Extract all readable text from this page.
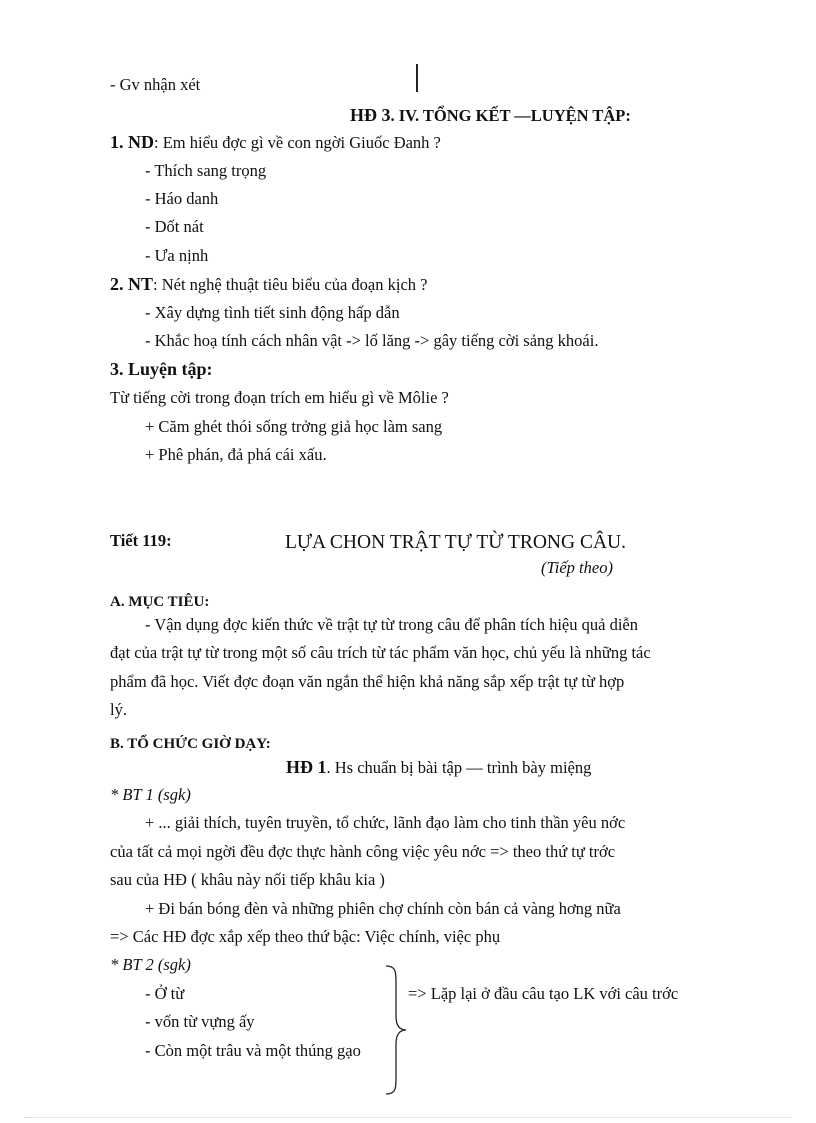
- Gv nhận xét
HĐ 3. IV. TỔNG KẾT —LUYỆN TẬP:
1. ND: Em hiểu đợc gì về con ngời Giuốc Đanh ?
- Thích sang trọng
- Háo danh
- Dốt nát
- Ưa nịnh
2. NT: Nét nghệ thuật tiêu biểu của đoạn kịch ?
- Xây dựng tình tiết sinh động hấp dẫn
- Khắc hoạ tính cách nhân vật -> lố lăng -> gây tiếng cời sảng khoái.
3. Luyện tập:
Từ tiếng cời trong đoạn trích em hiểu gì về Môlie ?
+ Căm ghét thói sống trởng giả học làm sang
+ Phê phán, đả phá cái xấu.
Tiết 119:	LỰA CHON TRẬT TỰ TỪ TRONG CÂU.
(Tiếp theo)
A. MỤC TIÊU:
- Vận dụng đợc kiến thức về trật tự từ trong câu để phân tích hiệu quả diễn
đạt của trật tự từ trong một số câu trích từ tác phẩm văn học, chủ yếu là những tác
phẩm đã học. Viết đợc đoạn văn ngắn thể hiện khả năng sắp xếp trật tự từ hợp
lý.
B. TỔ CHỨC GIỜ DẠY:
HĐ 1. Hs chuẩn bị bài tập — trình bày miệng
* BT 1 (sgk)
+ ... giải thích, tuyên truyền, tổ chức, lãnh đạo làm cho tinh thần yêu nớc
của tất cả mọi ngời đều đợc thực hành công việc yêu nớc => theo thứ tự trớc
sau của HĐ ( khâu này nối tiếp khâu kia )
+ Đi bán bóng đèn và những phiên chợ chính còn bán cả vàng hơng nữa
=> Các HĐ đợc xắp xếp theo thứ bậc: Việc chính, việc phụ
* BT 2 (sgk)
- Ở từ
- vốn từ vựng ấy
- Còn một trâu và một thúng gạo
=> Lặp lại ở đầu câu tạo LK với câu trớc
